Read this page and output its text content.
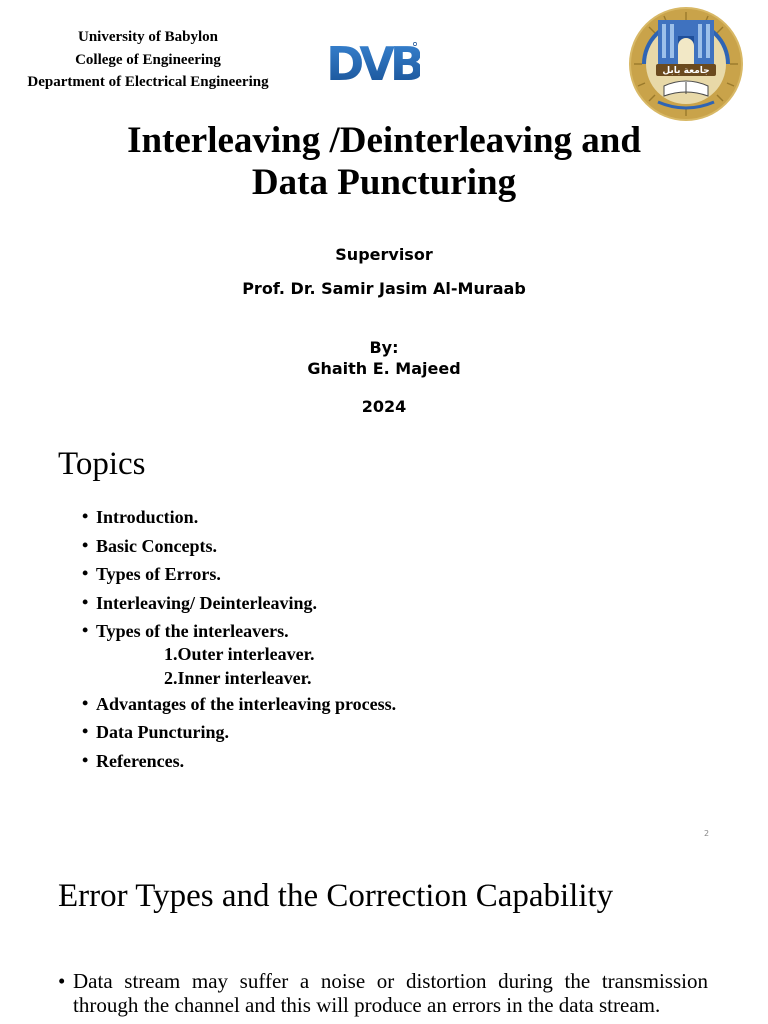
University of Babylon
College of Engineering
Department of Electrical Engineering DVB	جامعة بابل
Interleaving /Deinterleaving and
Data Puncturing
Supervisor
Prof. Dr. Samir Jasim Al-Muraab
By:
Ghaith E. Majeed
2024
Topics
• Introduction.
• Basic Concepts.
• Types of Errors.
• Interleaving/ Deinterleaving.
• Types of the interleavers.
1.Outer interleaver.
2.Inner interleaver.
• Advantages of the interleaving process.
• Data Puncturing.
• References.
2
Error Types and the Correction Capability
• Data stream may suffer a noise or distortion during the transmission through the channel and this will produce an errors in the data stream.
